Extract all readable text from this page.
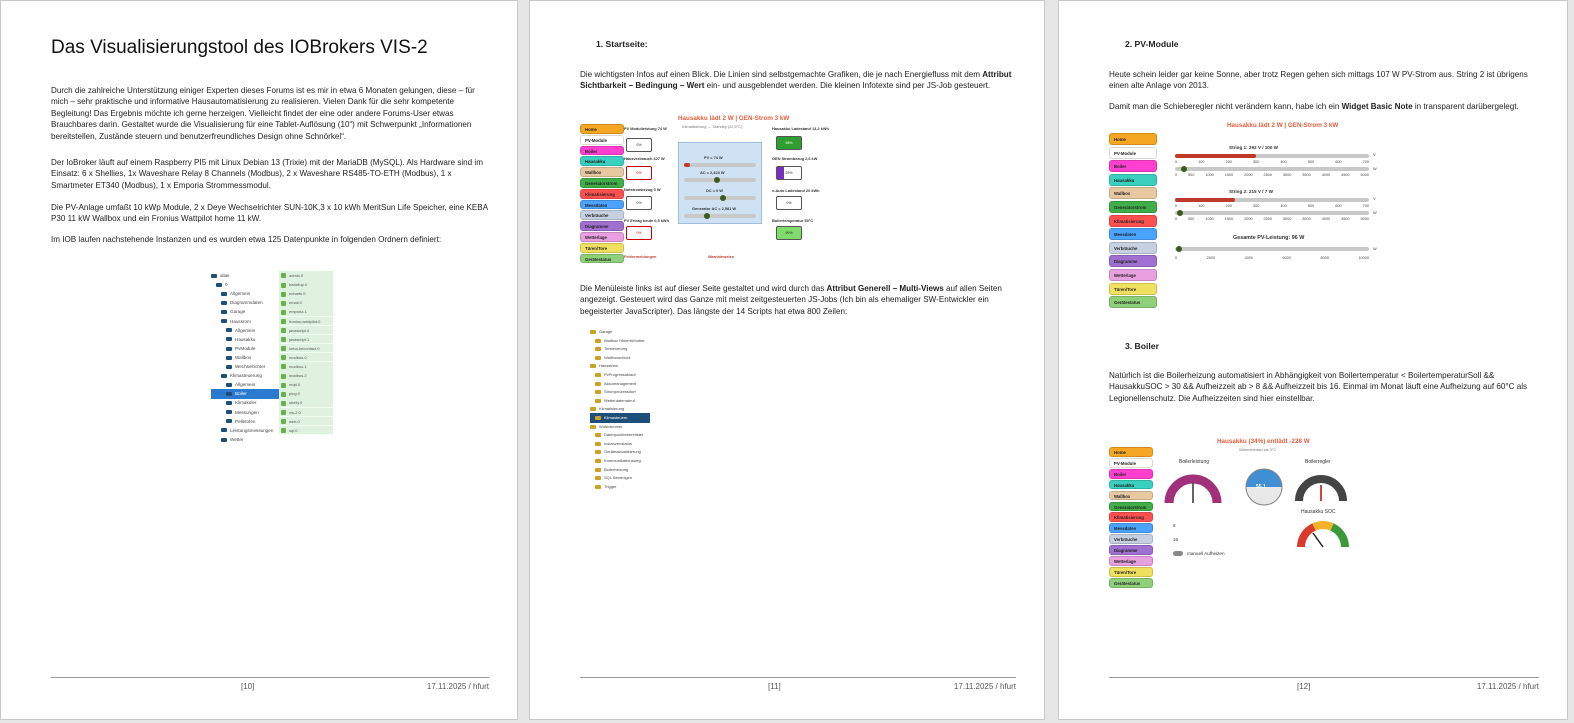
Das Visualisierungstool des IOBrokers VIS-2

Durch die zahlreiche Unterstützung einiger Experten dieses Forums ist es mir in etwa 6 Monaten gelungen, diese – für mich – sehr praktische und informative Hausautomatisierung zu realisieren. Vielen Dank für die sehr kompetente Begleitung! Das Ergebnis möchte ich gerne herzeigen. Vielleicht findet der eine oder andere Forums-User etwas Brauchbares darin. Gestaltet wurde die Visualisierung für eine Tablet-Auflösung (10“) mit Schwerpunkt „Informationen bereitstellen, Zustände steuern und benutzerfreundliches Design ohne Schnörkel“.

Der IoBroker läuft auf einem Raspberry PI5 mit Linux Debian 13 (Trixie) mit der MariaDB (MySQL). Als Hardware sind im Einsatz: 6 x Shellies, 1x Waveshare Relay 8 Channels (Modbus), 2 x Waveshare RS485-TO-ETH (Modbus), 1 x Smartmeter ET340 (Modbus), 1 x Emporia Strommessmodul.

Die PV-Anlage umfaßt 10 kWp Module, 2 x Deye Wechselrichter SUN-10K,3 x 10 kWh MeritSun Life Speicher, eine KEBA P30 11 kW Wallbox und ein Fronius Wattpilot home 11 kW.

Im IOB laufen nachstehende Instanzen und es wurden etwa 125 Datenpunkte in folgenden Ordnern definiert:

alias
0
Allgemein
Diagrammdaten
Garage
Haussrom
Allgemein
Hausakku
PvModule
Wallbox
Wechselrichter
Klimasteuerung
Allgemein
Boiler
Klimakoler
Messungen
Pelletofen
Leistungsmessungen
Wetter
admin.0
backitup.0
echarts.0
email.0
emporia.1
fronius-wattpilot.0
javascript.0
javascript.1
keba-kecontact.0
modbus.0
modbus.1
modbus.2
mqtt.0
ping.0
shelly.0
vis-2.0
web.0
sql.0
[10]	17.11.2025 / hfurt
1. Startseite:

Die wichtigsten Infos auf einen Blick. Die Linien sind selbstgemachte Grafiken, die je nach Energiefluss mit dem Attribut Sichtbarkeit – Bedingung – Wert ein- und ausgeblendet werden. Die kleinen Infotexte sind per JS-Job gesteuert.

Hausakku lädt 2 W | GEN-Strom 3 kW
Klimatisierung → Standby (22,5°C)
Home
PV-Module
Boiler
Hausakku
Wallbox
Generatorstrom
Klimatisierung
Messdaten
Verbräuche
Diagramme
Wetterlage
Türen/Tore
Gerätestatus
PV Modulleistung 74 W
0%
Hausverbrauch 427 W
0%
Notstrombezug 0 W
0%
PV Ertrag heute 0,5 kWh
0%
PV = 74 W
AC = 2,423 W
DC = 0 W
Generator AC = 2,581 W
Hausakku Ladestand 13,2 kWh
98%
GEN Strombezug 2,6 kW
29%
e-Auto Ladestand 20 kWh
0%
Boilertemperatur 55°C
99%
Fehlermeldungen	Warnhinweise

Die Menüleiste links ist auf dieser Seite gestaltet und wird durch das Attribut Generell – Multi-Views auf allen Seiten angezeigt. Gesteuert wird das Ganze mit meist zeitgesteuerten JS-Jobs (Ich bin als ehemaliger SW-Entwickler ein begeisterter JavaScripter). Das längste der 14 Scripts hat etwa 800 Zeilen:

Garage
Wallbox Hintertürbutter
Torsteuerung
Wallboxschicht
Hausstrom
PvProgressablauf
Akkumanagement
Stromprozessdurf
Wetterdatenabruf
Klimatisierung
Klimasteuern
Wohnzimmer
Datenpunktebereitstel
Instanzenstatus
Geräteaktualisierung
Kommunikationsweg
Boilerheizung
SQL Bereinigen
Trigger
[11]	17.11.2025 / hfurt
2. PV-Module

Heute schein leider gar keine Sonne, aber trotz Regen gehen sich mittags 107 W PV-Strom aus. String 2 ist übrigens einen alte Anlage von 2013.

Damit man die Schieberegler nicht verändern kann, habe ich ein Widget Basic Note in transparent darübergelegt.

Hausakku lädt 2 W | GEN-Strom 3 kW
Home
PV-Module
Boiler
Hausakku
Wallbox
Generatorstrom
Klimatisierung
Messdaten
Verbräuche
Diagramme
Wetterlage
Türen/Tore
Gerätestatus
String 1: 292 V / 100 W
V
0	100	200	300	400	500	600	700
W
0	500	1000	1500	2000	2500	3000	3500	4000	4500	5000
String 2: 215 V / 7 W
V
0	100	200	300	400	500	600	700
W
0	500	1000	1500	2000	2500	3000	3500	4000	4500	5000
Gesamte PV-Leistung: 96 W
W
0	2000	4000	6000	8000	10000
3. Boiler

Natürlich ist die Boilerheizung automatisiert in Abhängigkeit von Boilertemperatur < BoilertemperaturSoll && HausakkuSOC > 30 && Aufheizzeit ab > 8 && Aufheizzeit bis 16. Einmal im Monat läuft eine Aufheizung auf 60°C als Legionellenschutz. Die Aufheizzeiten sind hier einstellbar.

Hausakku (34%) entlädt -228 W
Wärmebedarf bis 0°C
Home
PV-Module
Boiler
Hausakku
Wallbox
Generatorstrom
Klimatisierung
Messdaten
Verbräuche
Diagramme
Wetterlage
Türen/Tore
Gerätestatus
Boilerleistung
55,1
Boilerregler
Hausakku SOC
8
16
manuell Aufheizen
[12]	17.11.2025 / hfurt
